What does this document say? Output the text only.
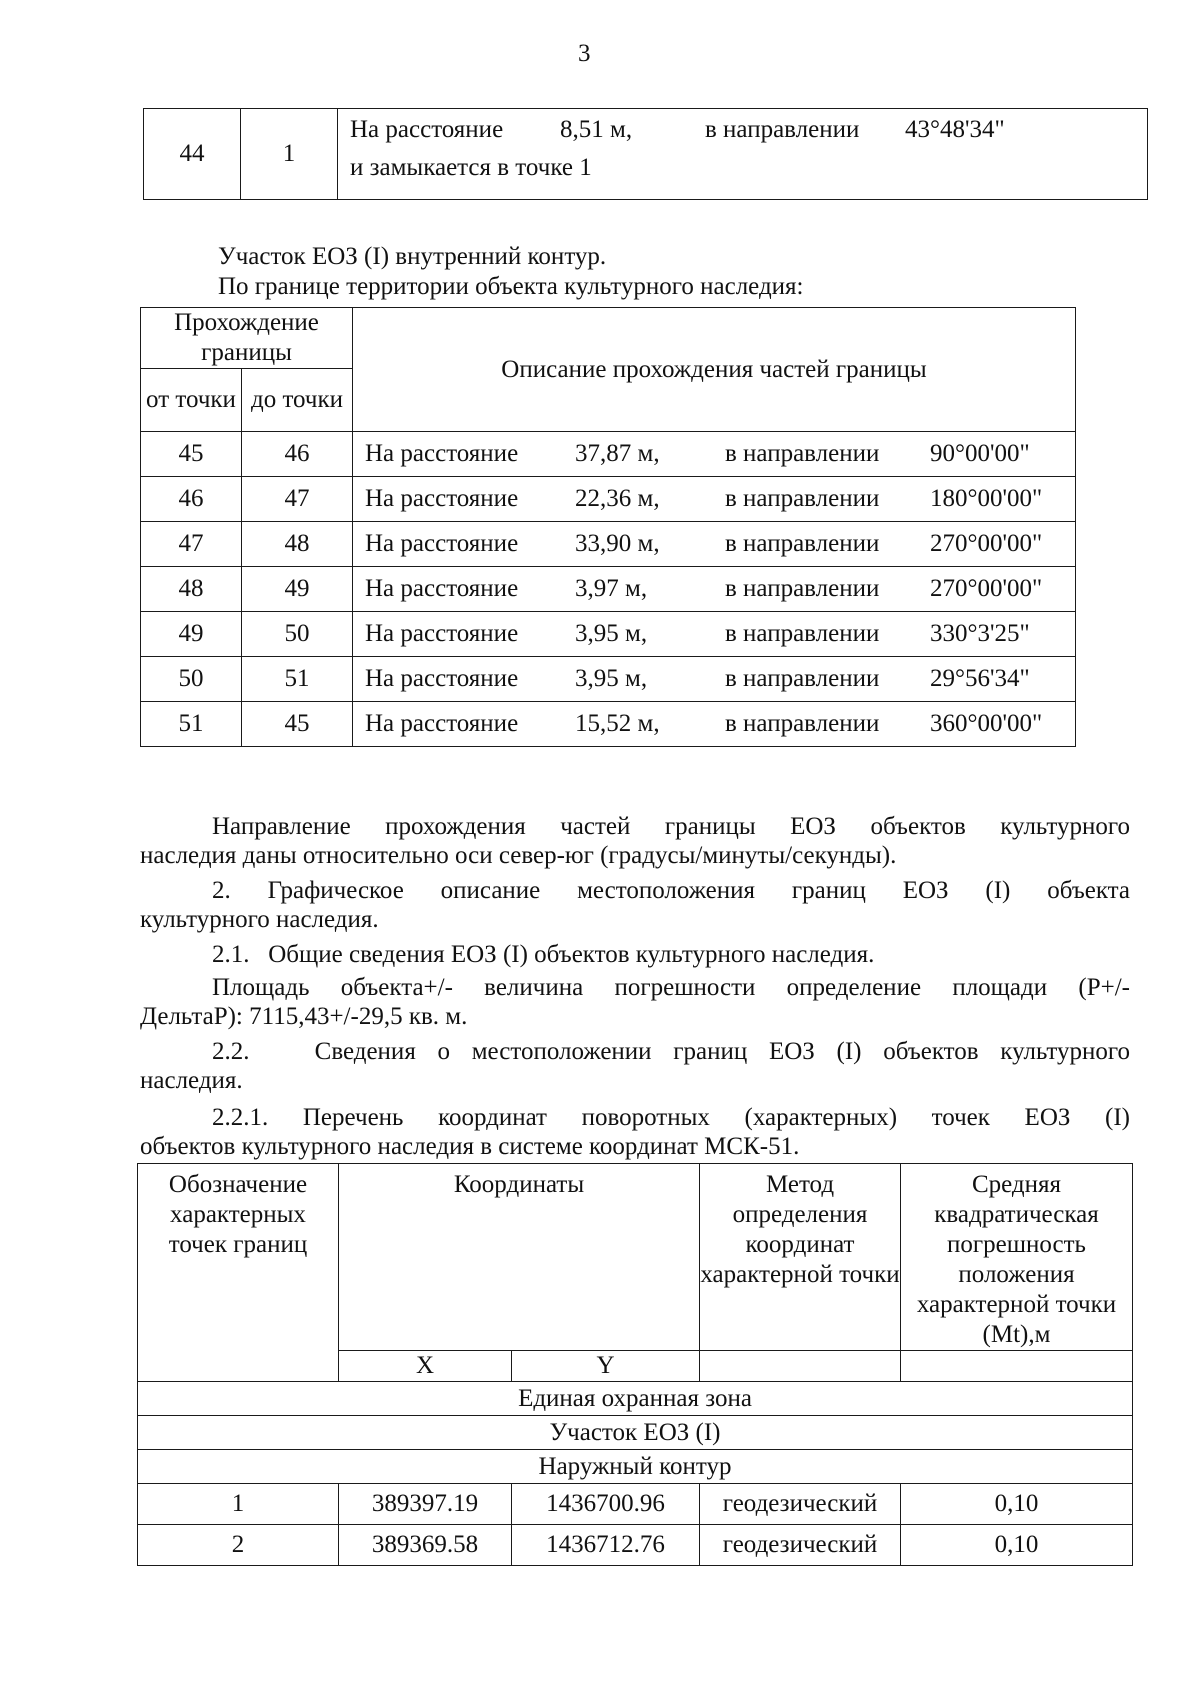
3
44	1	
На расстояние	8,51 м,	в направлении	43°48'34"
и замыкается в точке 1
Участок ЕОЗ (I) внутренний контур.
По границе территории объекта культурного наследия:
Прохождение границы		Описание прохождения частей границы
от точки	до точки	
45	46	На расстояние 37,87 м, в направлении 90°00'00"

46	47	На расстояние 22,36 м, в направлении 180°00'00"

47	48	На расстояние 33,90 м, в направлении 270°00'00"

48	49	На расстояние 3,97 м, в направлении 270°00'00"

49	50	На расстояние 3,95 м, в направлении 330°3'25"

50	51	На расстояние 3,95 м, в направлении 29°56'34"

51	45	На расстояние 15,52 м, в направлении 360°00'00"
Направление прохождения частей границы ЕОЗ объектов культурного
наследия даны относительно оси север-юг (градусы/минуты/секунды).
2. Графическое описание местоположения границ ЕОЗ (I) объекта
культурного наследия.
2.1.   Общие сведения ЕОЗ (I) объектов культурного наследия.
Площадь объекта+/- величина погрешности определение площади (Р+/-
ДельтаР): 7115,43+/-29,5 кв. м.
2.2.   Сведения о местоположении границ ЕОЗ (I) объектов культурного
наследия.
2.2.1. Перечень координат поворотных (характерных) точек ЕОЗ (I)
объектов культурного наследия в системе координат МСК-51.
Обозначение характерных точек границ	Координаты		Метод определения координат характерной точки	Средняя квадратическая погрешность положения характерной точки (Mt),м
	X	Y		
Единая охранная зона				
Участок ЕОЗ (I)				
Наружный контур				
1	389397.19	1436700.96	геодезический	0,10
2	389369.58	1436712.76	геодезический	0,10
